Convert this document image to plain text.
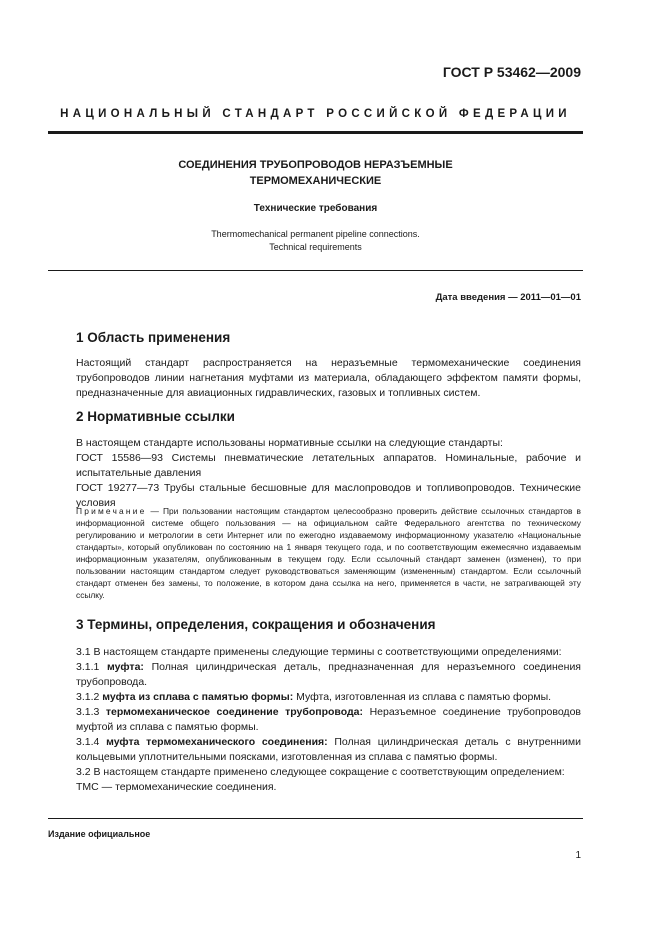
ГОСТ Р 53462—2009
НАЦИОНАЛЬНЫЙ СТАНДАРТ РОССИЙСКОЙ ФЕДЕРАЦИИ
СОЕДИНЕНИЯ ТРУБОПРОВОДОВ НЕРАЗЪЕМНЫЕ
ТЕРМОМЕХАНИЧЕСКИЕ
Технические требования
Thermomechanical permanent pipeline connections.
Technical requirements
Дата введения — 2011—01—01
1 Область применения

Настоящий стандарт распространяется на неразъемные термомеханические соединения трубопроводов линии нагнетания муфтами из материала, обладающего эффектом памяти формы, предназначенные для авиационных гидравлических, газовых и топливных систем.

2 Нормативные ссылки

В настоящем стандарте использованы нормативные ссылки на следующие стандарты:

ГОСТ 15586—93 Системы пневматические летательных аппаратов. Номинальные, рабочие и испытательные давления

ГОСТ 19277—73 Трубы стальные бесшовные для маслопроводов и топливопроводов. Технические условия

Примечание — При пользовании настоящим стандартом целесообразно проверить действие ссылочных стандартов в информационной системе общего пользования — на официальном сайте Федерального агентства по техническому регулированию и метрологии в сети Интернет или по ежегодно издаваемому информационному указателю «Национальные стандарты», который опубликован по состоянию на 1 января текущего года, и по соответствующим ежемесячно издаваемым информационным указателям, опубликованным в текущем году. Если ссылочный стандарт заменен (изменен), то при пользовании настоящим стандартом следует руководствоваться заменяющим (измененным) стандартом. Если ссылочный стандарт отменен без замены, то положение, в котором дана ссылка на него, применяется в части, не затрагивающей эту ссылку.

3 Термины, определения, сокращения и обозначения

3.1 В настоящем стандарте применены следующие термины с соответствующими определениями:

3.1.1 муфта: Полная цилиндрическая деталь, предназначенная для неразъемного соединения трубопровода.

3.1.2 муфта из сплава с памятью формы: Муфта, изготовленная из сплава с памятью формы.

3.1.3 термомеханическое соединение трубопровода: Неразъемное соединение трубопроводов муфтой из сплава с памятью формы.

3.1.4 муфта термомеханического соединения: Полная цилиндрическая деталь с внутренними кольцевыми уплотнительными поясками, изготовленная из сплава с памятью формы.

3.2 В настоящем стандарте применено следующее сокращение с соответствующим определением:

ТМС — термомеханические соединения.

Издание официальное
1
